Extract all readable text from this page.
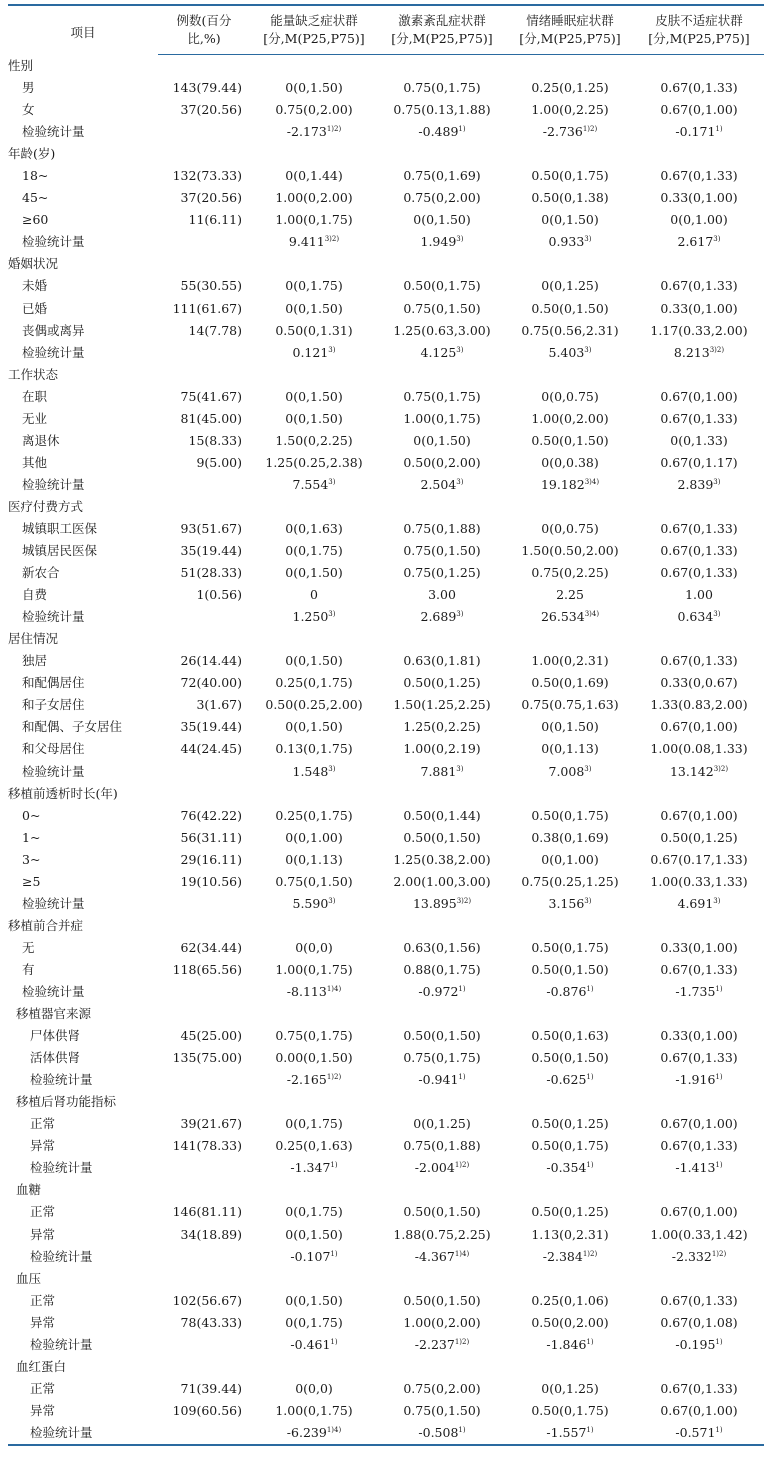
项目	例数(百分	能量缺乏症状群	激素紊乱症状群	情绪睡眠症状群	皮肤不适症状群
	比,%)	[分,M(P25,P75)]	[分,M(P25,P75)]	[分,M(P25,P75)]	[分,M(P25,P75)]
性别					
男	143(79.44)	0(0,1.50)	0.75(0,1.75)	0.25(0,1.25)	0.67(0,1.33)
女	37(20.56)	0.75(0,2.00)	0.75(0.13,1.88)	1.00(0,2.25)	0.67(0,1.00)
检验统计量		$-2.173^{1)2)}$	-0.489$^{1)}$	$-2.736^{1)2)}$	-0.171$^{1)}$
年龄(岁)					
18~	132(73.33)	0(0,1.44)	0.75(0,1.69)	0.50(0,1.75)	0.67(0,1.33)
45~	37(20.56)	1.00(0,2.00)	0.75(0,2.00)	0.50(0,1.38)	0.33(0,1.00)
≥60	11(6.11)	1.00(0,1.75)	0(0,1.50)	0(0,1.50)	0(0,1.00)
检验统计量		$9.411^{3)2)}$	1.949$^{3)}$	0.933$^{3)}$	2.617$^{3)}$
婚姻状况					
未婚	55(30.55)	0(0,1.75)	0.50(0,1.75)	0(0,1.25)	0.67(0,1.33)
已婚	111(61.67)	0(0,1.50)	0.75(0,1.50)	0.50(0,1.50)	0.33(0,1.00)
丧偶或离异	14(7.78)	0.50(0,1.31)	1.25(0.63,3.00)	0.75(0.56,2.31)	1.17(0.33,2.00)
检验统计量		0.121$^{3)}$	4.125$^{3)}$	5.403$^{3)}$	$8.213^{3)2)}$
工作状态					
在职	75(41.67)	0(0,1.50)	0.75(0,1.75)	0(0,0.75)	0.67(0,1.00)
无业	81(45.00)	0(0,1.50)	1.00(0,1.75)	1.00(0,2.00)	0.67(0,1.33)
离退休	15(8.33)	1.50(0,2.25)	0(0,1.50)	0.50(0,1.50)	0(0,1.33)
其他	9(5.00)	1.25(0.25,2.38)	0.50(0,2.00)	0(0,0.38)	0.67(0,1.17)
检验统计量		7.554$^{3)}$	2.504$^{3)}$	$19.182^{3)4)}$	2.839$^{3)}$
医疗付费方式					
城镇职工医保	93(51.67)	0(0,1.63)	0.75(0,1.88)	0(0,0.75)	0.67(0,1.33)
城镇居民医保	35(19.44)	0(0,1.75)	0.75(0,1.50)	1.50(0.50,2.00)	0.67(0,1.33)
新农合	51(28.33)	0(0,1.50)	0.75(0,1.25)	0.75(0,2.25)	0.67(0,1.33)
自费	1(0.56)	0	3.00	2.25	1.00
检验统计量		1.250$^{3)}$	2.689$^{3)}$	$26.534^{3)4)}$	0.634$^{3)}$
居住情况					
独居	26(14.44)	0(0,1.50)	0.63(0,1.81)	1.00(0,2.31)	0.67(0,1.33)
和配偶居住	72(40.00)	0.25(0,1.75)	0.50(0,1.25)	0.50(0,1.69)	0.33(0,0.67)
和子女居住	3(1.67)	0.50(0.25,2.00)	1.50(1.25,2.25)	0.75(0.75,1.63)	1.33(0.83,2.00)
和配偶、子女居住	35(19.44)	0(0,1.50)	1.25(0,2.25)	0(0,1.50)	0.67(0,1.00)
和父母居住	44(24.45)	0.13(0,1.75)	1.00(0,2.19)	0(0,1.13)	1.00(0.08,1.33)
检验统计量		1.548$^{3)}$	7.881$^{3)}$	7.008$^{3)}$	$13.142^{3)2)}$
移植前透析时长(年)					
0~	76(42.22)	0.25(0,1.75)	0.50(0,1.44)	0.50(0,1.75)	0.67(0,1.00)
1~	56(31.11)	0(0,1.00)	0.50(0,1.50)	0.38(0,1.69)	0.50(0,1.25)
3~	29(16.11)	0(0,1.13)	1.25(0.38,2.00)	0(0,1.00)	0.67(0.17,1.33)
≥5	19(10.56)	0.75(0,1.50)	2.00(1.00,3.00)	0.75(0.25,1.25)	1.00(0.33,1.33)
检验统计量		5.590$^{3)}$	$13.895^{3)2)}$	3.156$^{3)}$	4.691$^{3)}$
移植前合并症					
无	62(34.44)	0(0,0)	0.63(0,1.56)	0.50(0,1.75)	0.33(0,1.00)
有	118(65.56)	1.00(0,1.75)	0.88(0,1.75)	0.50(0,1.50)	0.67(0,1.33)
检验统计量		$-8.113^{1)4)}$	-0.972$^{1)}$	-0.876$^{1)}$	-1.735$^{1)}$
移植器官来源					
尸体供肾	45(25.00)	0.75(0,1.75)	0.50(0,1.50)	0.50(0,1.63)	0.33(0,1.00)
活体供肾	135(75.00)	0.00(0,1.50)	0.75(0,1.75)	0.50(0,1.50)	0.67(0,1.33)
检验统计量		$-2.165^{1)2)}$	-0.941$^{1)}$	-0.625$^{1)}$	-1.916$^{1)}$
移植后肾功能指标					
正常	39(21.67)	0(0,1.75)	0(0,1.25)	0.50(0,1.25)	0.67(0,1.00)
异常	141(78.33)	0.25(0,1.63)	0.75(0,1.88)	0.50(0,1.75)	0.67(0,1.33)
检验统计量		-1.347$^{1)}$	$-2.004^{1)2)}$	-0.354$^{1)}$	-1.413$^{1)}$
血糖					
正常	146(81.11)	0(0,1.75)	0.50(0,1.50)	0.50(0,1.25)	0.67(0,1.00)
异常	34(18.89)	0(0,1.50)	1.88(0.75,2.25)	1.13(0,2.31)	1.00(0.33,1.42)
检验统计量		-0.107$^{1)}$	$-4.367^{1)4)}$	$-2.384^{1)2)}$	$-2.332^{1)2)}$
血压					
正常	102(56.67)	0(0,1.50)	0.50(0,1.50)	0.25(0,1.06)	0.67(0,1.33)
异常	78(43.33)	0(0,1.75)	1.00(0,2.00)	0.50(0,2.00)	0.67(0,1.08)
检验统计量		-0.461$^{1)}$	$-2.237^{1)2)}$	-1.846$^{1)}$	-0.195$^{1)}$
血红蛋白					
正常	71(39.44)	0(0,0)	0.75(0,2.00)	0(0,1.25)	0.67(0,1.33)
异常	109(60.56)	1.00(0,1.75)	0.75(0,1.50)	0.50(0,1.75)	0.67(0,1.00)
检验统计量		$-6.239^{1)4)}$	-0.508$^{1)}$	-1.557$^{1)}$	-0.571$^{1)}$
